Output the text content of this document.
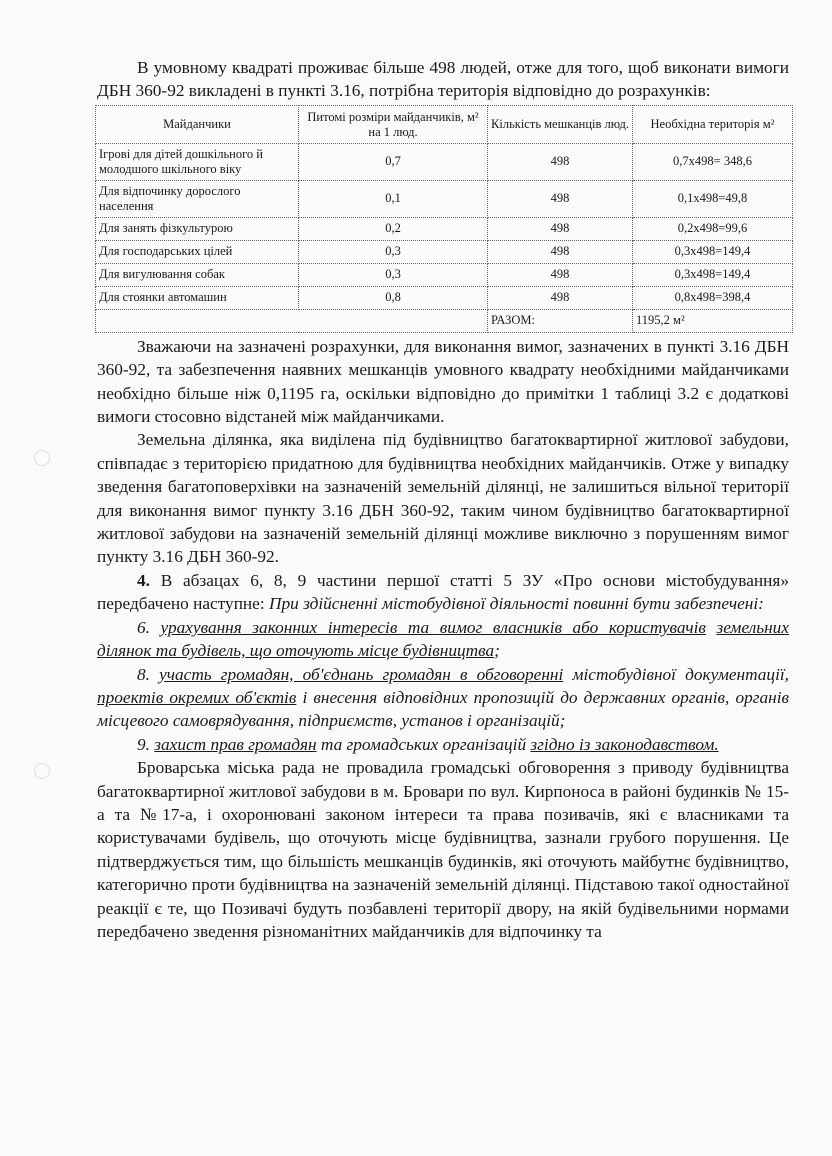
В умовному квадраті проживає більше 498 людей, отже для того, щоб виконати вимоги ДБН 360-92 викладені в пункті 3.16, потрібна територія відповідно до розрахунків:

Майданчики	Питомі розміри майданчиків, м² на 1 люд.	Кількість мешканців люд.	Необхідна територія м²
Ігрові для дітей дошкільного й молодшого шкільного віку	0,7	498	0,7х498= 348,6
Для відпочинку дорослого населення	0,1	498	0,1х498=49,8
Для занять фізкультурою	0,2	498	0,2х498=99,6
Для господарських цілей	0,3	498	0,3х498=149,4
Для вигулювання собак	0,3	498	0,3х498=149,4
Для стоянки автомашин	0,8	498	0,8х498=398,4
		РАЗОМ:	1195,2 м²

Зважаючи на зазначені розрахунки, для виконання вимог, зазначених в пункті 3.16 ДБН 360-92, та забезпечення наявних мешканців умовного квадрату необхідними майданчиками необхідно більше ніж 0,1195 га, оскільки відповідно до примітки 1 таблиці 3.2 є додаткові вимоги стосовно відстаней між майданчиками.

Земельна ділянка, яка виділена під будівництво багатоквартирної житлової забудови, співпадає з територією придатною для будівництва необхідних майданчиків. Отже у випадку зведення багатоповерхівки на зазначеній земельній ділянці, не залишиться вільної території для виконання вимог пункту 3.16 ДБН 360-92, таким чином будівництво багатоквартирної житлової забудови на зазначеній земельній ділянці можливе виключно з порушенням вимог пункту 3.16 ДБН 360-92.

4. В абзацах 6, 8, 9 частини першої статті 5 ЗУ «Про основи містобудування» передбачено наступне: При здійсненні містобудівної діяльності повинні бути забезпечені:

6. урахування законних інтересів та вимог власників або користувачів земельних ділянок та будівель, що оточують місце будівництва;

8. участь громадян, об'єднань громадян в обговоренні містобудівної документації, проектів окремих об'єктів і внесення відповідних пропозицій до державних органів, органів місцевого самоврядування, підприємств, установ і організацій;

9. захист прав громадян та громадських організацій згідно із законодавством.

Броварська міська рада не провадила громадські обговорення з приводу будівництва багатоквартирної житлової забудови в м. Бровари по вул. Кирпоноса в районі будинків № 15-а та №17-а, і охоронювані законом інтереси та права позивачів, які є власниками та користувачами будівель, що оточують місце будівництва, зазнали грубого порушення. Це підтверджується тим, що більшість мешканців будинків, які оточують майбутнє будівництво, категорично проти будівництва на зазначеній земельній ділянці. Підставою такої одностайної реакції є те, що Позивачі будуть позбавлені території двору, на якій будівельними нормами передбачено зведення різноманітних майданчиків для відпочинку та
